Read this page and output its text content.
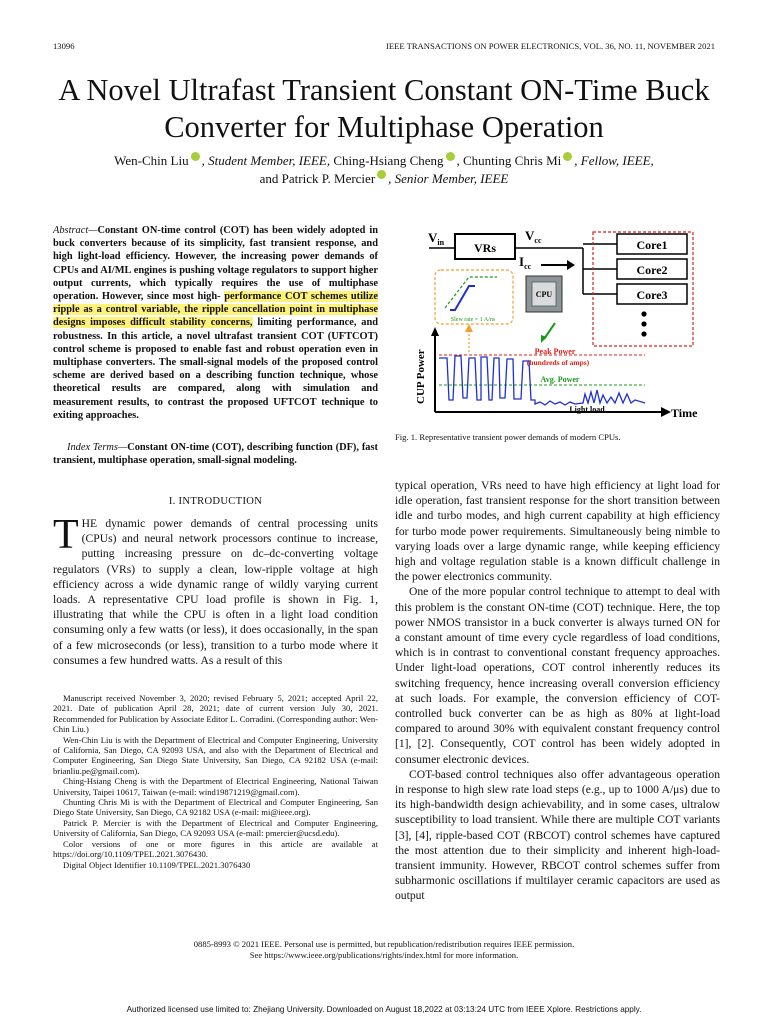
13096	IEEE TRANSACTIONS ON POWER ELECTRONICS, VOL. 36, NO. 11, NOVEMBER 2021
A Novel Ultrafast Transient Constant ON-Time Buck
Converter for Multiphase Operation
Wen-Chin Liu , Student Member, IEEE, Ching-Hsiang Cheng , Chunting Chris Mi , Fellow, IEEE,
and Patrick P. Mercier , Senior Member, IEEE
Abstract—Constant ON-time control (COT) has been widely adopted in buck converters because of its simplicity, fast transient response, and high light-load efficiency. However, the increasing power demands of CPUs and AI/ML engines is pushing voltage regulators to support higher output currents, which typically requires the use of multiphase operation. However, since most high- performance COT schemes utilize ripple as a control variable, the ripple cancellation point in multiphase designs imposes difficult stability concerns, limiting performance, and robustness. In this article, a novel ultrafast transient COT (UFTCOT) control scheme is proposed to enable fast and robust operation even in multiphase converters. The small-signal models of the proposed control scheme are derived based on a describing function technique, whose theoretical results are compared, along with simulation and measurement results, to contrast the proposed UFTCOT technique to exiting approaches.
Index Terms—Constant ON-time (COT), describing function (DF), fast transient, multiphase operation, small-signal modeling.
I. INTRODUCTION
THE dynamic power demands of central processing units (CPUs) and neural network processors continue to increase, putting increasing pressure on dc–dc-converting voltage regulators (VRs) to supply a clean, low-ripple voltage at high efficiency across a wide dynamic range of wildly varying current loads. A representative CPU load profile is shown in Fig. 1, illustrating that while the CPU is often in a light load condition consuming only a few watts (or less), it does occasionally, in the span of a few microseconds (or less), transition to a turbo mode where it consumes a few hundred watts. As a result of this

Manuscript received November 3, 2020; revised February 5, 2021; accepted April 22, 2021. Date of publication April 28, 2021; date of current version July 30, 2021. Recommended for Publication by Associate Editor L. Corradini. (Corresponding author: Wen-Chin Liu.)

Wen-Chin Liu is with the Department of Electrical and Computer Engineering, University of California, San Diego, CA 92093 USA, and also with the Department of Electrical and Computer Engineering, San Diego State University, San Diego, CA 92182 USA (e-mail: brianliu.pe@gmail.com).

Ching-Hsiang Cheng is with the Department of Electrical Engineering, National Taiwan University, Taipei 10617, Taiwan (e-mail: wind19871219@gmail.com).

Chunting Chris Mi is with the Department of Electrical and Computer Engineering, San Diego State University, San Diego, CA 92182 USA (e-mail: mi@ieee.org).

Patrick P. Mercier is with the Department of Electrical and Computer Engineering, University of California, San Diego, CA 92093 USA (e-mail: pmercier@ucsd.edu).

Color versions of one or more figures in this article are available at https://doi.org/10.1109/TPEL.2021.3076430.

Digital Object Identifier 10.1109/TPEL.2021.3076430

$V_{in}$ VRs
$V_{cc}$
$I_{cc}$
Core1
Core2
Core3
CPU
Slew rate = 1 A/ns
CUP Power
Time
Peak Power
(hundreds of amps)
Avg. Power
Light load
Fig. 1. Representative transient power demands of modern CPUs.

typical operation, VRs need to have high efficiency at light load for idle operation, fast transient response for the short transition between idle and turbo modes, and high current capability at high efficiency for turbo mode power requirements. Simultaneously being nimble to varying loads over a large dynamic range, while keeping efficiency high and voltage regulation stable is a known difficult challenge in the power electronics community.

One of the more popular control technique to attempt to deal with this problem is the constant ON-time (COT) technique. Here, the top power NMOS transistor in a buck converter is always turned ON for a constant amount of time every cycle regardless of load conditions, which is in contrast to conventional constant frequency approaches. Under light-load operations, COT control inherently reduces its switching frequency, hence increasing overall conversion efficiency at such loads. For example, the conversion efficiency of COT-controlled buck converter can be as high as 80% at light-load compared to around 30% with equivalent constant frequency control [1], [2]. Consequently, COT control has been widely adopted in consumer electronic devices.

COT-based control techniques also offer advantageous operation in response to high slew rate load steps (e.g., up to 1000 A/μs) due to its high-bandwidth design achievability, and in some cases, ultralow susceptibility to load transient. While there are multiple COT variants [3], [4], ripple-based COT (RBCOT) control schemes have captured the most attention due to their simplicity and inherent high-load-transient immunity. However, RBCOT control schemes suffer from subharmonic oscillations if multilayer ceramic capacitors are used as output

0885-8993 © 2021 IEEE. Personal use is permitted, but republication/redistribution requires IEEE permission.
See https://www.ieee.org/publications/rights/index.html for more information.
Authorized licensed use limited to: Zhejiang University. Downloaded on August 18,2022 at 03:13:24 UTC from IEEE Xplore. Restrictions apply.
